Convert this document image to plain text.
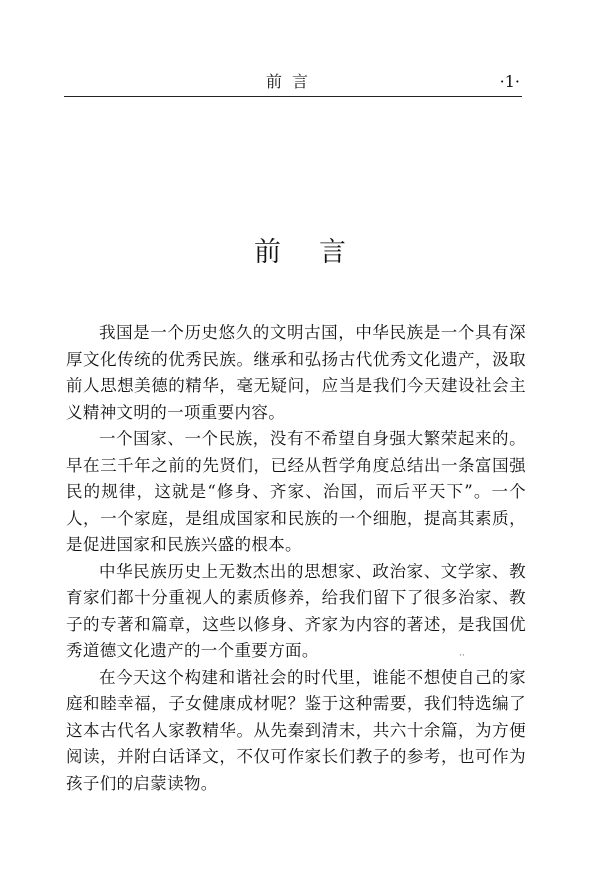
前言	·1·
前言

我国是一个历史悠久的文明古国，中华民族是一个具有深厚文化传统的优秀民族。继承和弘扬古代优秀文化遗产，汲取前人思想美德的精华，毫无疑问，应当是我们今天建设社会主义精神文明的一项重要内容。

一个国家、一个民族，没有不希望自身强大繁荣起来的。早在三千年之前的先贤们，已经从哲学角度总结出一条富国强民的规律，这就是“修身、齐家、治国，而后平天下”。一个人，一个家庭，是组成国家和民族的一个细胞，提高其素质，是促进国家和民族兴盛的根本。

中华民族历史上无数杰出的思想家、政治家、文学家、教育家们都十分重视人的素质修养，给我们留下了很多治家、教子的专著和篇章，这些以修身、齐家为内容的著述，是我国优秀道德文化遗产的一个重要方面。

在今天这个构建和谐社会的时代里，谁能不想使自己的家庭和睦幸福，子女健康成材呢？鉴于这种需要，我们特选编了这本古代名人家教精华。从先秦到清末，共六十余篇，为方便阅读，并附白话译文，不仅可作家长们教子的参考，也可作为孩子们的启蒙读物。

··
